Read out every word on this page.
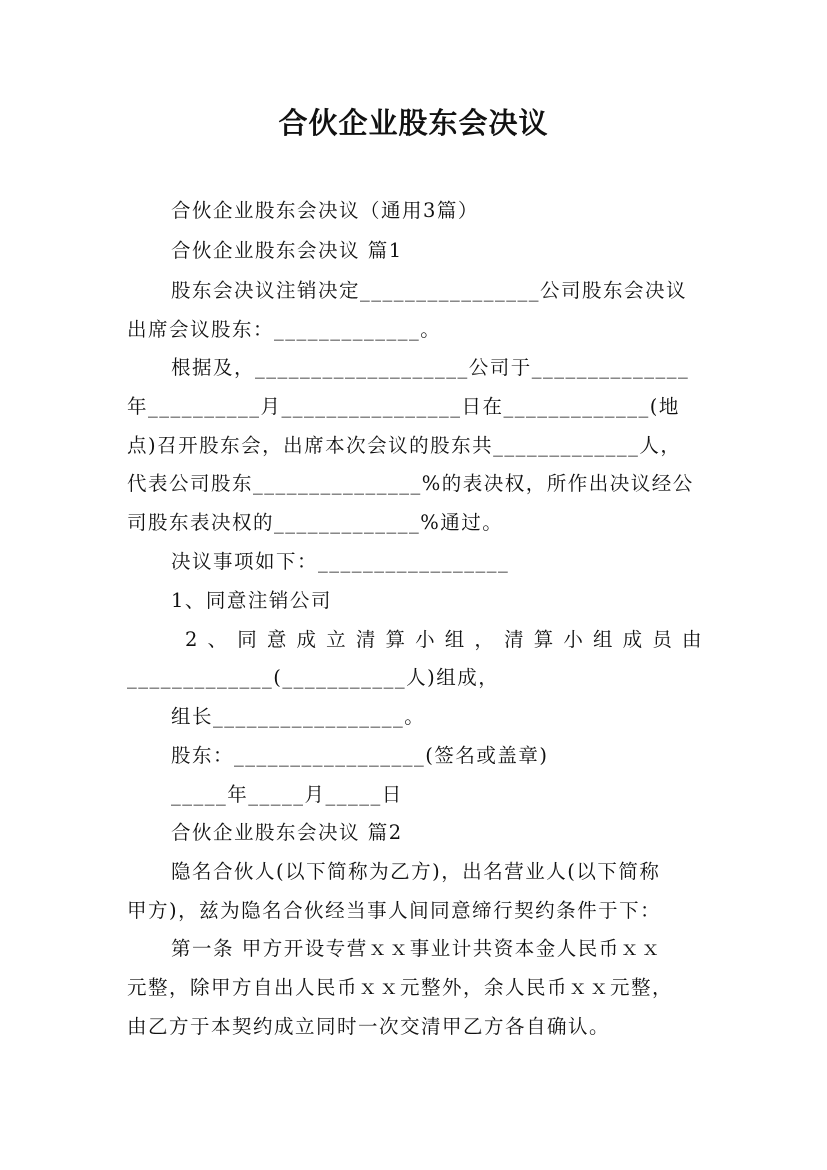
合伙企业股东会决议
合伙企业股东会决议（通用3篇）
合伙企业股东会决议 篇1
股东会决议注销决定________________公司股东会决议
出席会议股东：_____________。
根据及，___________________公司于______________
年__________月________________日在_____________(地
点)召开股东会，出席本次会议的股东共_____________人，
代表公司股东_______________%的表决权，所作出决议经公
司股东表决权的_____________%通过。
决议事项如下：_________________
1、同意注销公司
2、同意成立清算小组，清算小组成员由
_____________(___________人)组成，
组长_________________。
股东：_________________(签名或盖章)
_____年_____月_____日
合伙企业股东会决议 篇2
隐名合伙人(以下简称为乙方)，出名营业人(以下简称
甲方)，兹为隐名合伙经当事人间同意缔行契约条件于下：
第一条 甲方开设专营ｘｘ事业计共资本金人民币ｘｘ
元整，除甲方自出人民币ｘｘ元整外，余人民币ｘｘ元整，
由乙方于本契约成立同时一次交清甲乙方各自确认。
